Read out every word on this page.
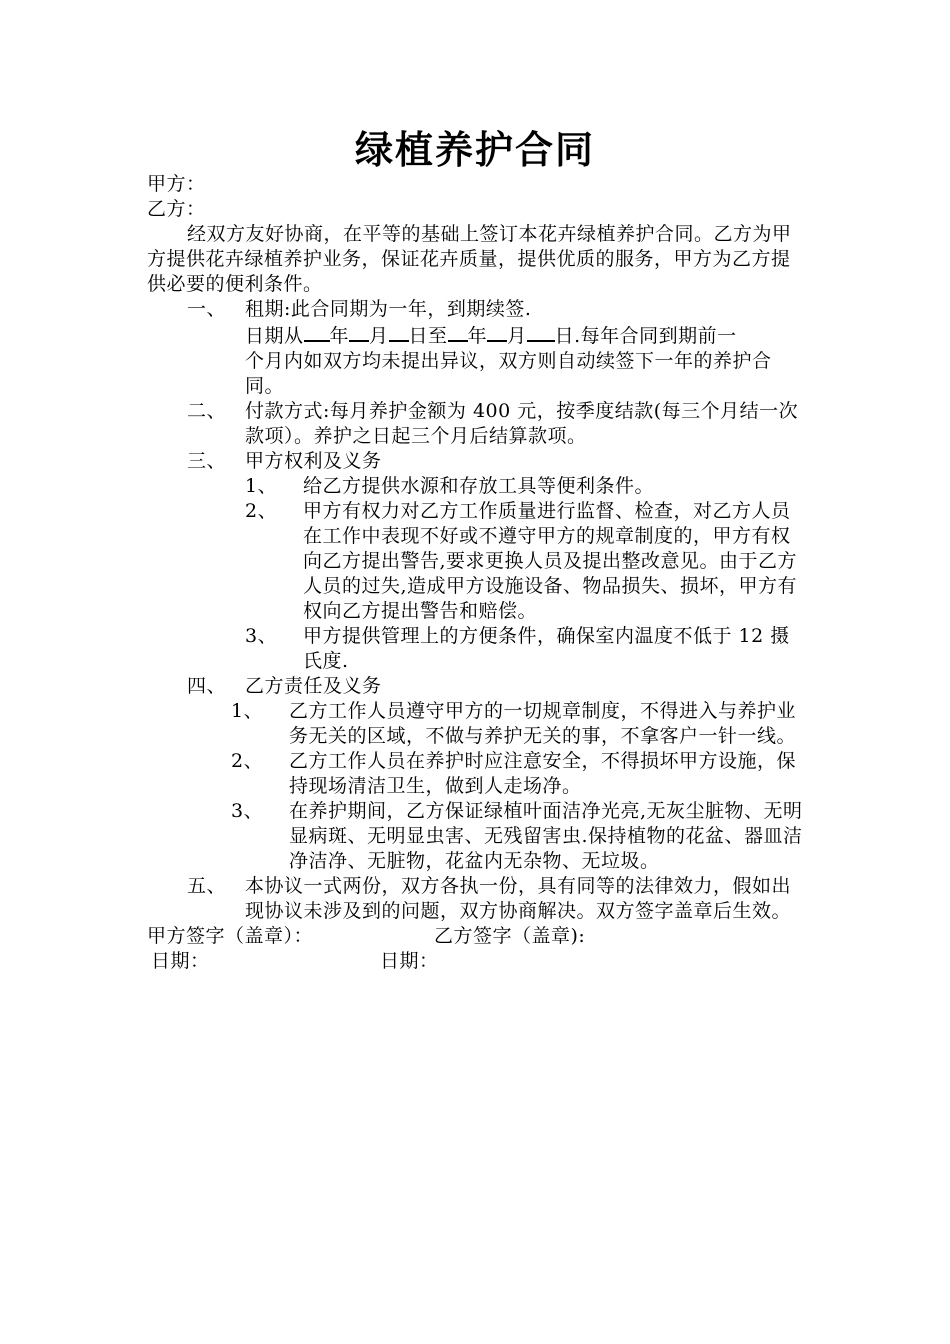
绿植养护合同

甲方：

乙方：

经双方友好协商，在平等的基础上签订本花卉绿植养护合同。乙方为甲方提供花卉绿植养护业务，保证花卉质量，提供优质的服务，甲方为乙方提供必要的便利条件。

一、 租期:此合同期为一年，到期续签.
日期从 年 月 日至 年 月 日.每年合同到期前一
个月内如双方均未提出异议，双方则自动续签下一年的养护合同。
二、 付款方式:每月养护金额为 400 元，按季度结款(每三个月结一次款项）。养护之日起三个月后结算款项。
三、 甲方权利及义务
1、	给乙方提供水源和存放工具等便利条件。
2、	甲方有权力对乙方工作质量进行监督、检查，对乙方人员在工作中表现不好或不遵守甲方的规章制度的，甲方有权向乙方提出警告,要求更换人员及提出整改意见。由于乙方人员的过失,造成甲方设施设备、物品损失、损坏，甲方有权向乙方提出警告和赔偿。
3、	甲方提供管理上的方便条件，确保室内温度不低于 12 摄氏度.
四、 乙方责任及义务
1、	乙方工作人员遵守甲方的一切规章制度，不得进入与养护业务无关的区域，不做与养护无关的事，不拿客户一针一线。
2、	乙方工作人员在养护时应注意安全，不得损坏甲方设施，保持现场清洁卫生，做到人走场净。
3、	在养护期间，乙方保证绿植叶面洁净光亮,无灰尘脏物、无明显病斑、无明显虫害、无残留害虫.保持植物的花盆、器皿洁净洁净、无脏物，花盆内无杂物、无垃圾。
五、 本协议一式两份，双方各执一份，具有同等的法律效力，假如出现协议未涉及到的问题，双方协商解决。双方签字盖章后生效。
甲方签字（盖章）：	乙方签字（盖章):
日期：	日期：
